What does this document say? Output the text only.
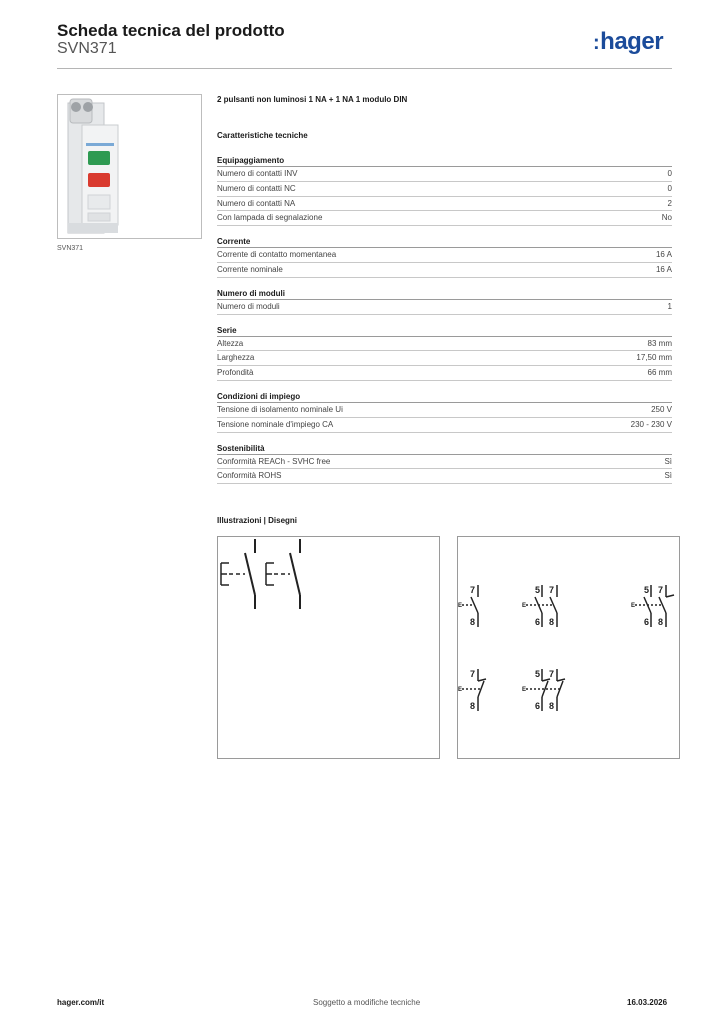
Scheda tecnica del prodotto
SVN371	:hager
SVN371
2 pulsanti non luminosi 1 NA + 1 NA 1 modulo DIN
Caratteristiche tecniche
Equipaggiamento
Numero di contatti INV	0
Numero di contatti NC	0
Numero di contatti NA	2
Con lampada di segnalazione	No
Corrente
Corrente di contatto momentanea	16 A
Corrente nominale	16 A
Numero di moduli
Numero di moduli	1
Serie
Altezza	83 mm
Larghezza	17,50 mm
Profondità	66 mm
Condizioni di impiego
Tensione di isolamento nominale Ui	250 V
Tensione nominale d'impiego CA	230 - 230 V
Sostenibilità
Conformità REACh - SVHC free	Sì
Conformità ROHS	Sì
Illustrazioni | Disegni
7
8
E
5 7
6 8
E
5 7
6 8
E
7
8
E
5 7
6 8
E
hager.com/it	Soggetto a modifiche tecniche	16.03.2026
